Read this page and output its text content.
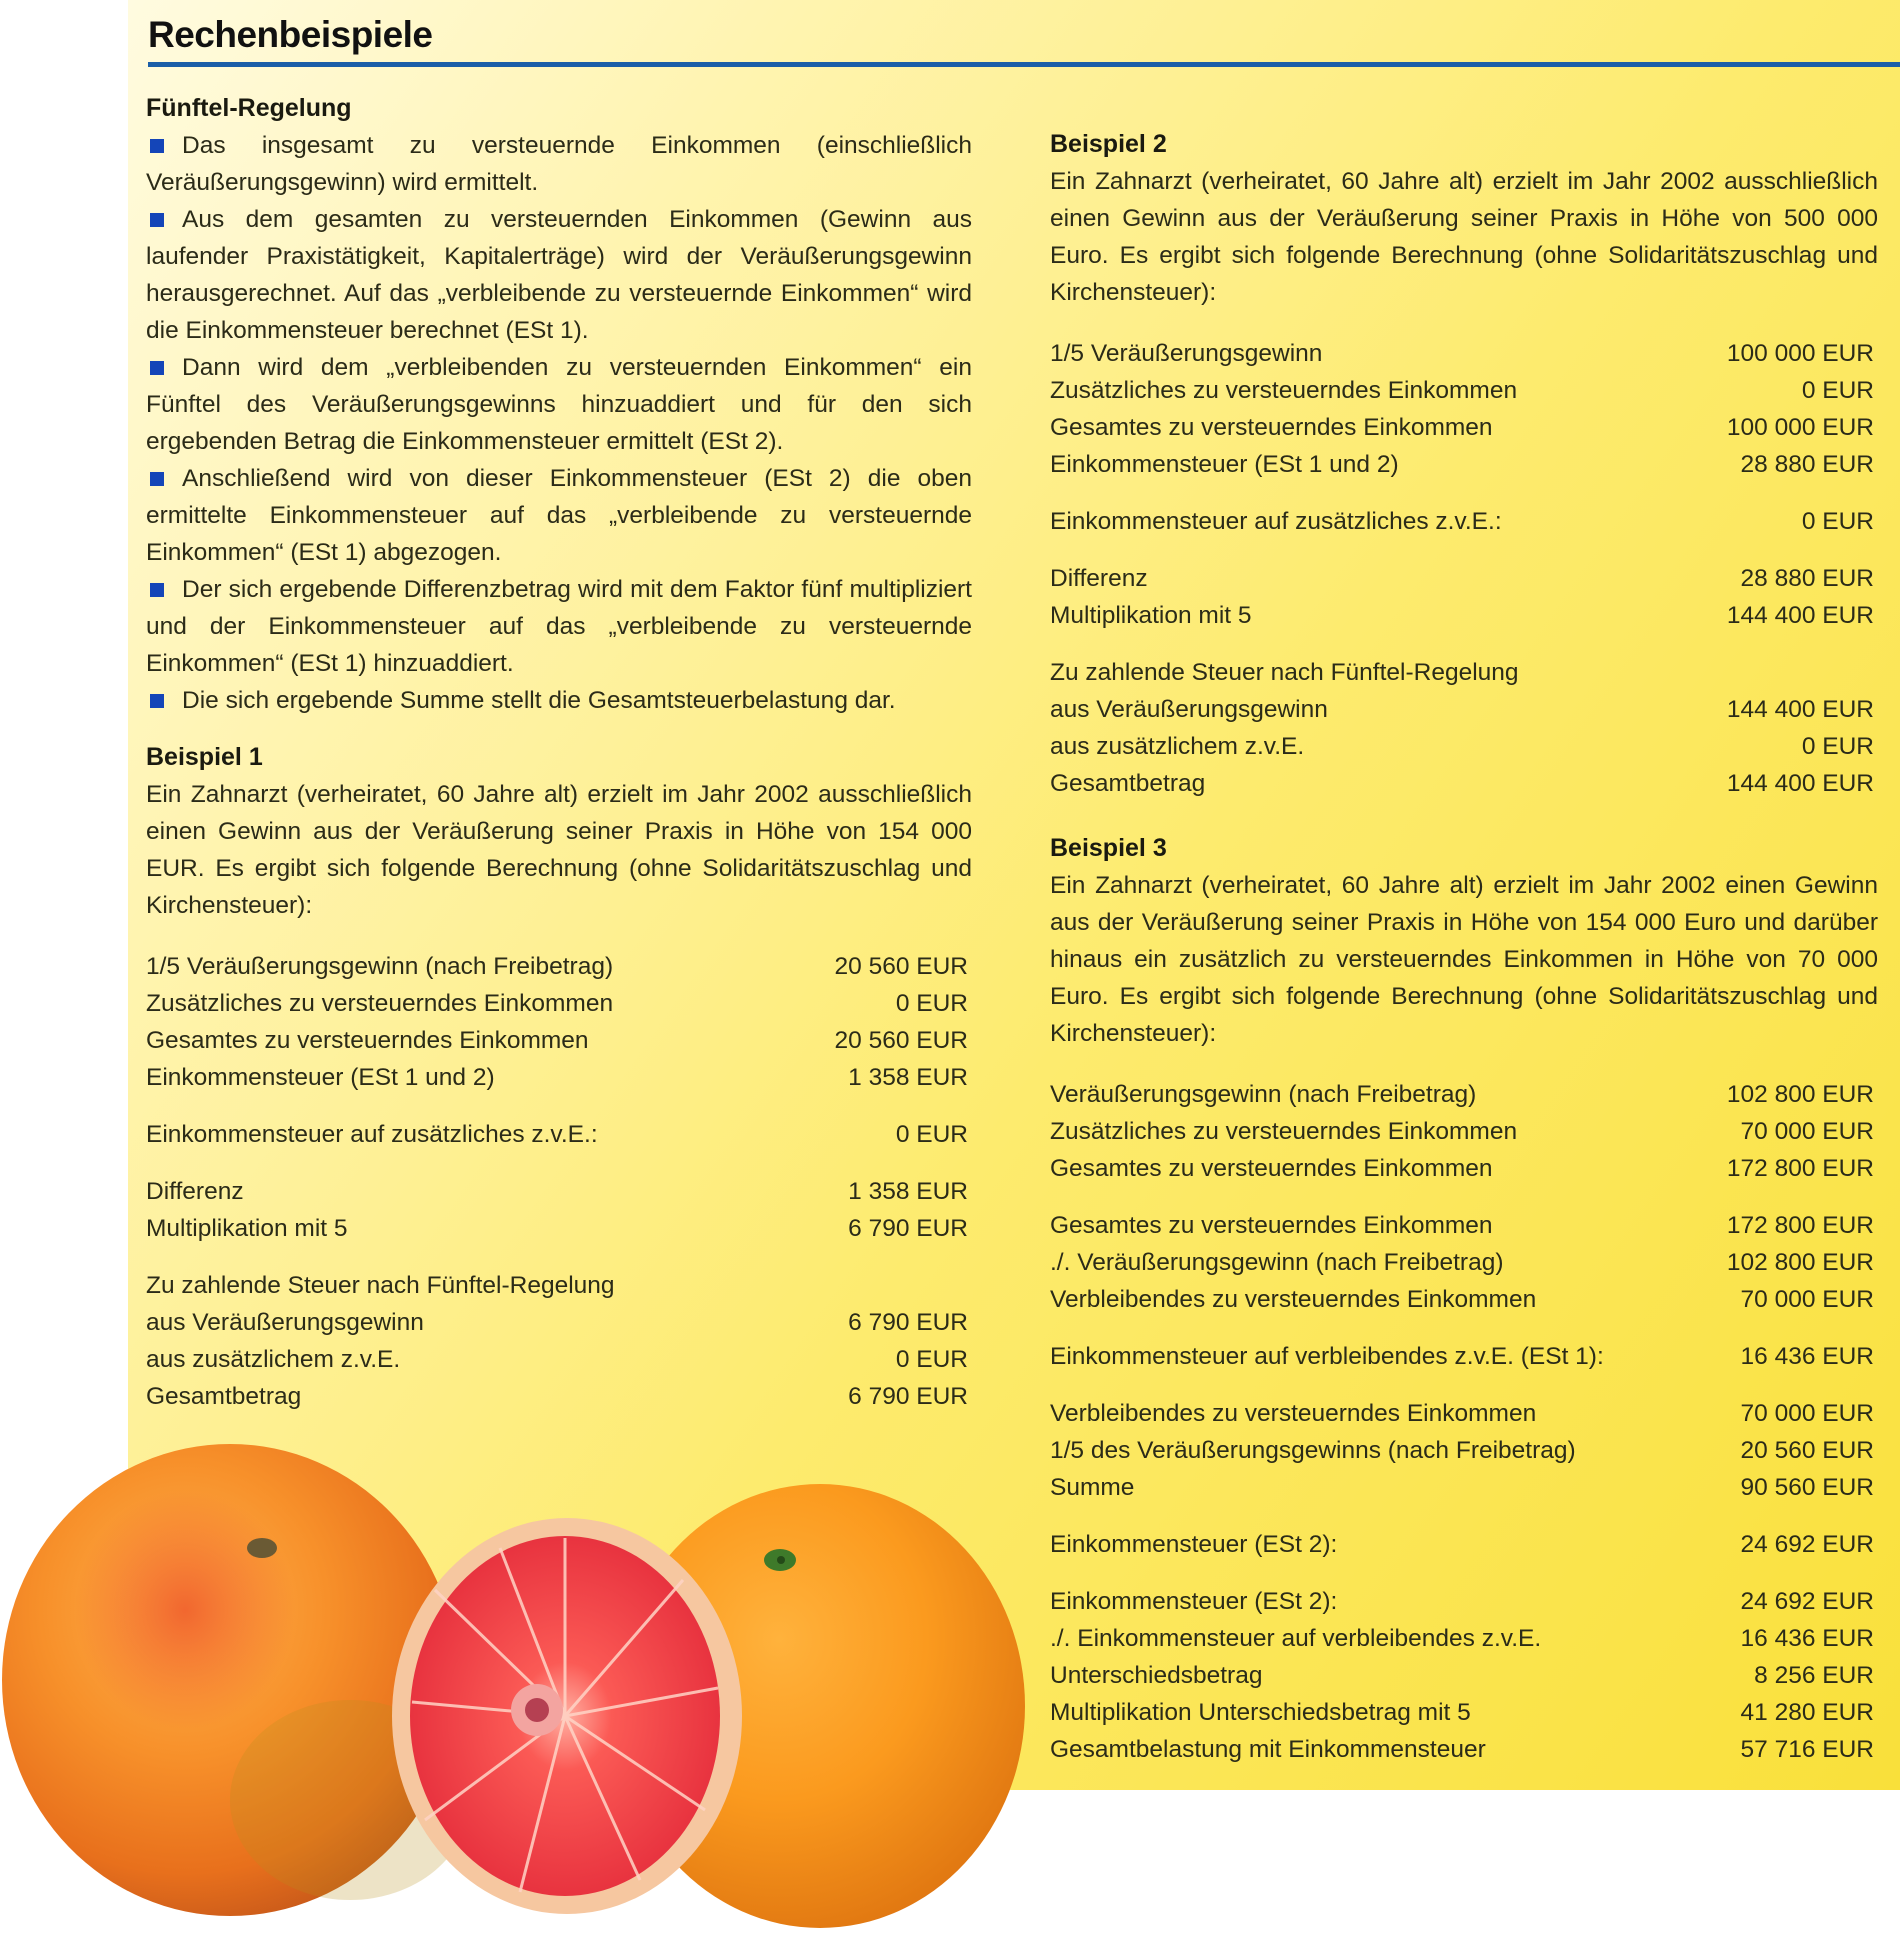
Rechenbeispiele
Fünftel-Regelung
Das insgesamt zu versteuernde Einkommen (einschließlich Veräußerungsgewinn) wird ermittelt.
Aus dem gesamten zu versteuernden Einkommen (Gewinn aus laufender Praxistätigkeit, Kapitalerträge) wird der Veräußerungsgewinn herausgerechnet. Auf das „verbleibende zu versteuernde Einkommen“ wird die Einkommensteuer berechnet (ESt 1).
Dann wird dem „verbleibenden zu versteuernden Einkommen“ ein Fünftel des Veräußerungsgewinns hinzuaddiert und für den sich ergebenden Betrag die Einkommensteuer ermittelt (ESt 2).
Anschließend wird von dieser Einkommensteuer (ESt 2) die oben ermittelte Einkommensteuer auf das „verbleibende zu versteuernde Einkommen“ (ESt 1) abgezogen.
Der sich ergebende Differenzbetrag wird mit dem Faktor fünf multipliziert und der Einkommensteuer auf das „verbleibende zu versteuernde Einkommen“ (ESt 1) hinzuaddiert.
Die sich ergebende Summe stellt die Gesamtsteuerbelastung dar.
Beispiel 1
Ein Zahnarzt (verheiratet, 60 Jahre alt) erzielt im Jahr 2002 ausschließlich einen Gewinn aus der Veräußerung seiner Praxis in Höhe von 154 000 EUR. Es ergibt sich folgende Berechnung (ohne Solidaritätszuschlag und Kirchensteuer):
1/5 Veräußerungsgewinn (nach Freibetrag)	20 560 EUR
Zusätzliches zu versteuerndes Einkommen	0 EUR
Gesamtes zu versteuerndes Einkommen	20 560 EUR
Einkommensteuer (ESt 1 und 2)	1 358 EUR
Einkommensteuer auf zusätzliches z.v.E.:	0 EUR
Differenz	1 358 EUR
Multiplikation mit 5	6 790 EUR
Zu zahlende Steuer nach Fünftel-Regelung
aus Veräußerungsgewinn	6 790 EUR
aus zusätzlichem z.v.E.	0 EUR
Gesamtbetrag	6 790 EUR
Beispiel 2
Ein Zahnarzt (verheiratet, 60 Jahre alt) erzielt im Jahr 2002 ausschließlich einen Gewinn aus der Veräußerung seiner Praxis in Höhe von 500 000 Euro. Es ergibt sich folgende Berechnung (ohne Solidaritätszuschlag und Kirchensteuer):
1/5 Veräußerungsgewinn	100 000 EUR
Zusätzliches zu versteuerndes Einkommen	0 EUR
Gesamtes zu versteuerndes Einkommen	100 000 EUR
Einkommensteuer (ESt 1 und 2)	28 880 EUR
Einkommensteuer auf zusätzliches z.v.E.:	0 EUR
Differenz	28 880 EUR
Multiplikation mit 5	144 400 EUR
Zu zahlende Steuer nach Fünftel-Regelung
aus Veräußerungsgewinn	144 400 EUR
aus zusätzlichem z.v.E.	0 EUR
Gesamtbetrag	144 400 EUR
Beispiel 3
Ein Zahnarzt (verheiratet, 60 Jahre alt) erzielt im Jahr 2002 einen Gewinn aus der Veräußerung seiner Praxis in Höhe von 154 000 Euro und darüber hinaus ein zusätzlich zu versteuerndes Einkommen in Höhe von 70 000 Euro. Es ergibt sich folgende Berechnung (ohne Solidaritätszuschlag und Kirchensteuer):
Veräußerungsgewinn (nach Freibetrag)	102 800 EUR
Zusätzliches zu versteuerndes Einkommen	70 000 EUR
Gesamtes zu versteuerndes Einkommen	172 800 EUR
Gesamtes zu versteuerndes Einkommen	172 800 EUR
./. Veräußerungsgewinn (nach Freibetrag)	102 800 EUR
Verbleibendes zu versteuerndes Einkommen	70 000 EUR
Einkommensteuer auf verbleibendes z.v.E. (ESt 1):	16 436 EUR
Verbleibendes zu versteuerndes Einkommen	70 000 EUR
1/5 des Veräußerungsgewinns (nach Freibetrag)	20 560 EUR
Summe	90 560 EUR
Einkommensteuer (ESt 2):	24 692 EUR
Einkommensteuer (ESt 2):	24 692 EUR
./. Einkommensteuer auf verbleibendes z.v.E.	16 436 EUR
Unterschiedsbetrag	8 256 EUR
Multiplikation Unterschiedsbetrag mit 5	41 280 EUR
Gesamtbelastung mit Einkommensteuer	57 716 EUR
